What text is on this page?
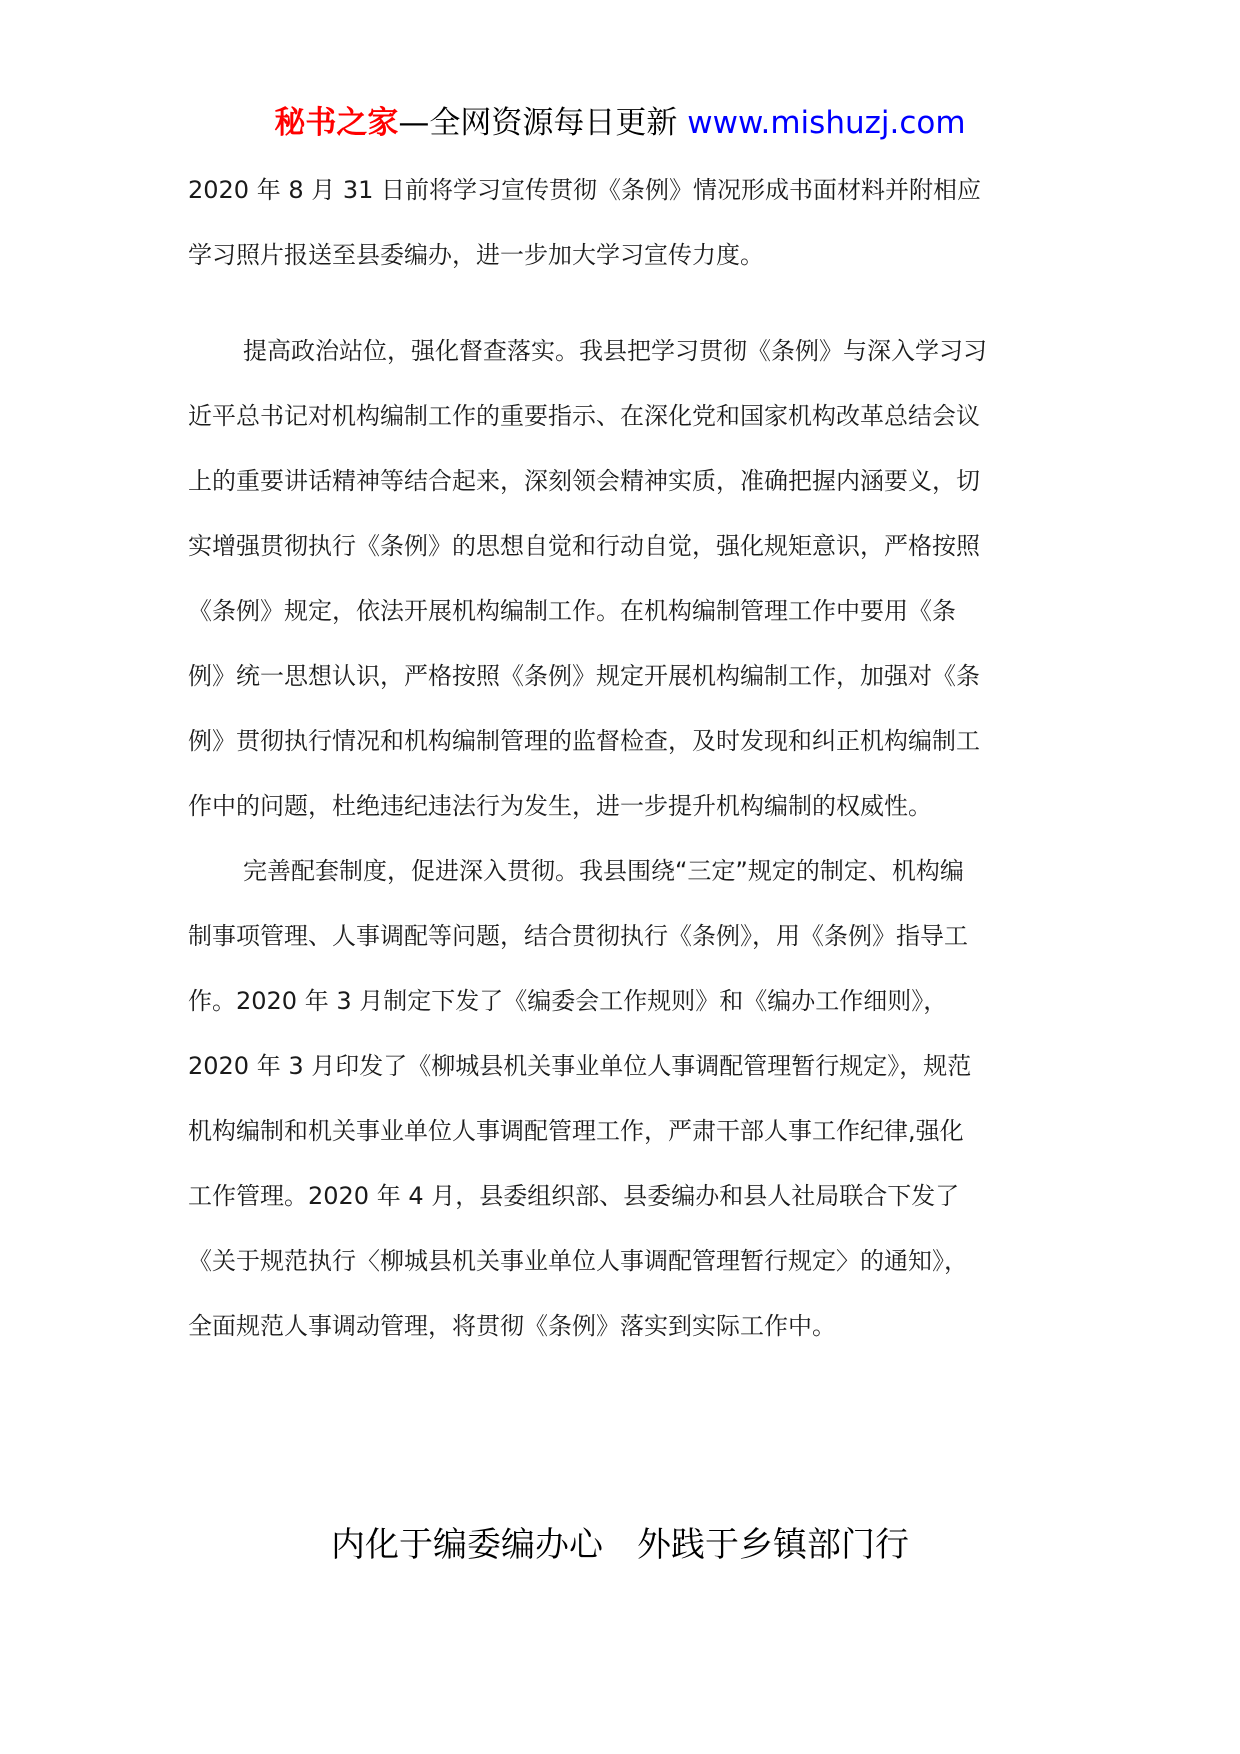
秘书之家—全网资源每日更新 www.mishuzj.com
2020 年 8 月 31 日前将学习宣传贯彻《条例》情况形成书面材料并附相应
学习照片报送至县委编办，进一步加大学习宣传力度。
提高政治站位，强化督查落实。我县把学习贯彻《条例》与深入学习习
近平总书记对机构编制工作的重要指示、在深化党和国家机构改革总结会议
上的重要讲话精神等结合起来，深刻领会精神实质，准确把握内涵要义，切
实增强贯彻执行《条例》的思想自觉和行动自觉，强化规矩意识，严格按照
《条例》规定，依法开展机构编制工作。在机构编制管理工作中要用《条
例》统一思想认识，严格按照《条例》规定开展机构编制工作，加强对《条
例》贯彻执行情况和机构编制管理的监督检查，及时发现和纠正机构编制工
作中的问题，杜绝违纪违法行为发生，进一步提升机构编制的权威性。
完善配套制度，促进深入贯彻。我县围绕“三定”规定的制定、机构编
制事项管理、人事调配等问题，结合贯彻执行《条例》，用《条例》指导工
作。2020 年 3 月制定下发了《编委会工作规则》和《编办工作细则》，
2020 年 3 月印发了《柳城县机关事业单位人事调配管理暂行规定》，规范
机构编制和机关事业单位人事调配管理工作，严肃干部人事工作纪律,强化
工作管理。2020 年 4 月，县委组织部、县委编办和县人社局联合下发了
《关于规范执行〈柳城县机关事业单位人事调配管理暂行规定〉的通知》，
全面规范人事调动管理，将贯彻《条例》落实到实际工作中。
内化于编委编办心　外践于乡镇部门行
